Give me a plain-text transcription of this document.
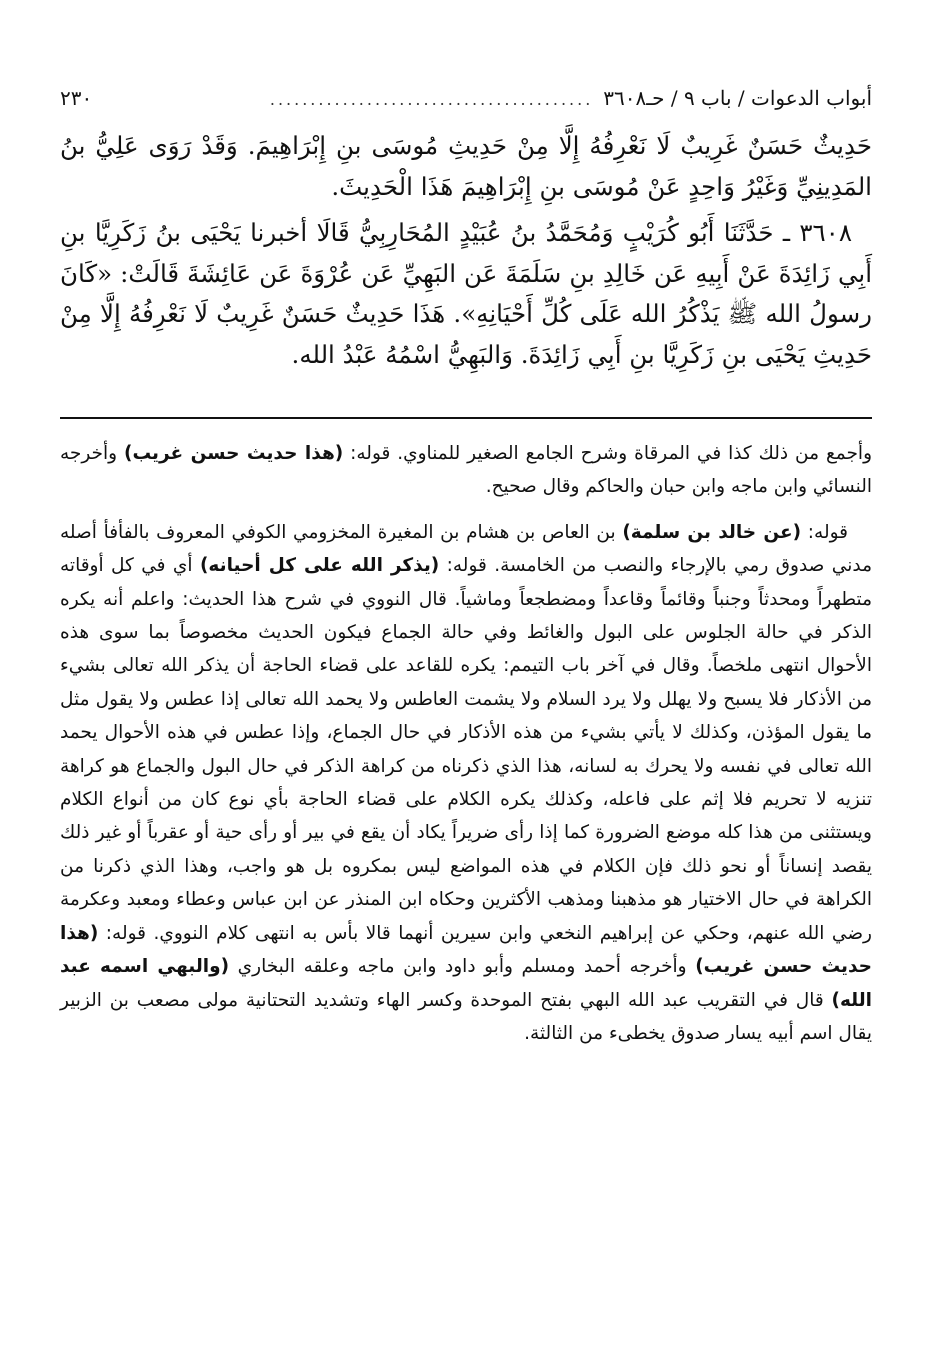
أبواب الدعوات / باب ٩ / حـ٣٦٠٨
........................................
٢٣٠

حَدِيثٌ حَسَنٌ غَرِيبٌ لَا نَعْرِفُهُ إِلَّا مِنْ حَدِيثِ مُوسَى بنِ إِبْرَاهِيمَ. وَقَدْ رَوَى عَلِيُّ بنُ المَدِينِيِّ وَغَيْرُ وَاحِدٍ عَنْ مُوسَى بنِ إِبْرَاهِيمَ هَذَا الْحَدِيثَ.

٣٦٠٨ ـ حَدَّثَنَا أَبُو كُرَيْبٍ وَمُحَمَّدُ بنُ عُبَيْدٍ المُحَارِبِيُّ قَالَا أخبرنا يَحْيَى بنُ زَكَرِيَّا بنِ أَبِي زَائِدَةَ عَنْ أَبِيهِ عَن خَالِدِ بنِ سَلَمَةَ عَن البَهِيِّ عَن عُرْوَةَ عَن عَائِشَةَ قَالَتْ: «كَانَ رسولُ الله ﷺ يَذْكُرُ الله عَلَى كُلِّ أَحْيَانِهِ». هَذَا حَدِيثٌ حَسَنٌ غَرِيبٌ لَا نَعْرِفُهُ إِلَّا مِنْ حَدِيثِ يَحْيَى بنِ زَكَرِيَّا بنِ أَبِي زَائِدَةَ. وَالبَهِيُّ اسْمُهُ عَبْدُ الله.

وأجمع من ذلك كذا في المرقاة وشرح الجامع الصغير للمناوي. قوله: (هذا حديث حسن غريب) وأخرجه النسائي وابن ماجه وابن حبان والحاكم وقال صحيح.

قوله: (عن خالد بن سلمة) بن العاص بن هشام بن المغيرة المخزومي الكوفي المعروف بالفأفأ أصله مدني صدوق رمي بالإرجاء والنصب من الخامسة. قوله: (يذكر الله على كل أحيانه) أي في كل أوقاته متطهراً ومحدثاً وجنباً وقائماً وقاعداً ومضطجعاً وماشياً. قال النووي في شرح هذا الحديث: واعلم أنه يكره الذكر في حالة الجلوس على البول والغائط وفي حالة الجماع فيكون الحديث مخصوصاً بما سوى هذه الأحوال انتهى ملخصاً. وقال في آخر باب التيمم: يكره للقاعد على قضاء الحاجة أن يذكر الله تعالى بشيء من الأذكار فلا يسبح ولا يهلل ولا يرد السلام ولا يشمت العاطس ولا يحمد الله تعالى إذا عطس ولا يقول مثل ما يقول المؤذن، وكذلك لا يأتي بشيء من هذه الأذكار في حال الجماع، وإذا عطس في هذه الأحوال يحمد الله تعالى في نفسه ولا يحرك به لسانه، هذا الذي ذكرناه من كراهة الذكر في حال البول والجماع هو كراهة تنزيه لا تحريم فلا إثم على فاعله، وكذلك يكره الكلام على قضاء الحاجة بأي نوع كان من أنواع الكلام ويستثنى من هذا كله موضع الضرورة كما إذا رأى ضريراً يكاد أن يقع في بير أو رأى حية أو عقرباً أو غير ذلك يقصد إنساناً أو نحو ذلك فإن الكلام في هذه المواضع ليس بمكروه بل هو واجب، وهذا الذي ذكرنا من الكراهة في حال الاختيار هو مذهبنا ومذهب الأكثرين وحكاه ابن المنذر عن ابن عباس وعطاء ومعبد وعكرمة رضي الله عنهم، وحكي عن إبراهيم النخعي وابن سيرين أنهما قالا بأس به انتهى كلام النووي. قوله: (هذا حديث حسن غريب) وأخرجه أحمد ومسلم وأبو داود وابن ماجه وعلقه البخاري (والبهي اسمه عبد الله) قال في التقريب عبد الله البهي بفتح الموحدة وكسر الهاء وتشديد التحتانية مولى مصعب بن الزبير يقال اسم أبيه يسار صدوق يخطىء من الثالثة.
